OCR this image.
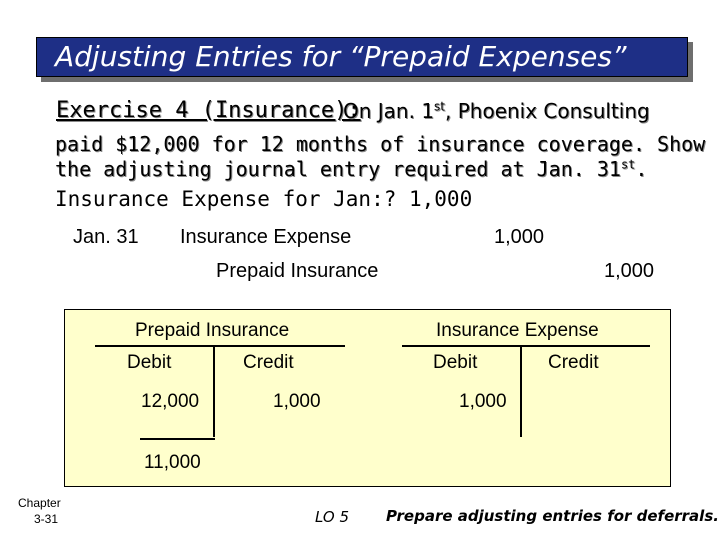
Adjusting Entries for “Prepaid Expenses”
Exercise 4 (Insurance):
On Jan. 1st, Phoenix Consulting
paid $12,000 for 12 months of insurance coverage. Show
the adjusting journal entry required at Jan. 31st.
Insurance Expense for Jan:? 1,000
Jan. 31 Insurance Expense	1,000
Prepaid Insurance	1,000
Prepaid Insurance
Debit	Credit
12,000	1,000
11,000
Insurance Expense
Debit	Credit
1,000
Chapter
3-31	LO 5 Prepare adjusting entries for deferrals.
